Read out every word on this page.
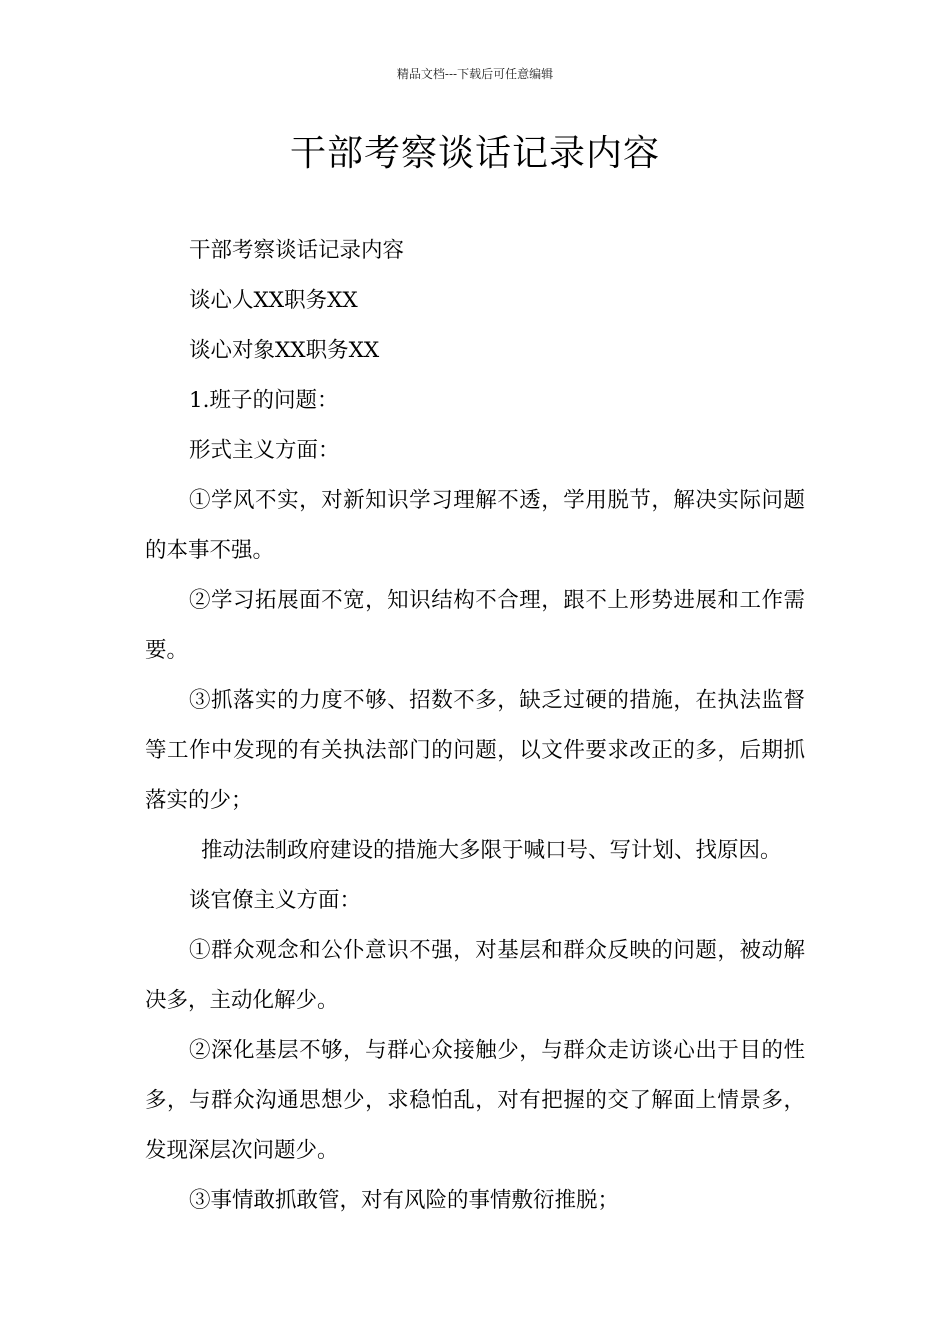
精品文档---下载后可任意编辑
干部考察谈话记录内容

干部考察谈话记录内容

谈心人XX职务XX

谈心对象XX职务XX

1.班子的问题：

形式主义方面：

①学风不实，对新知识学习理解不透，学用脱节，解决实际问题的本事不强。

②学习拓展面不宽，知识结构不合理，跟不上形势进展和工作需要。

③抓落实的力度不够、招数不多，缺乏过硬的措施，在执法监督等工作中发现的有关执法部门的问题，以文件要求改正的多，后期抓落实的少；

推动法制政府建设的措施大多限于喊口号、写计划、找原因。

谈官僚主义方面：

①群众观念和公仆意识不强，对基层和群众反映的问题，被动解决多，主动化解少。

②深化基层不够，与群心众接触少，与群众走访谈心出于目的性多，与群众沟通思想少，求稳怕乱，对有把握的交了解面上情景多，发现深层次问题少。

③事情敢抓敢管，对有风险的事情敷衍推脱；
